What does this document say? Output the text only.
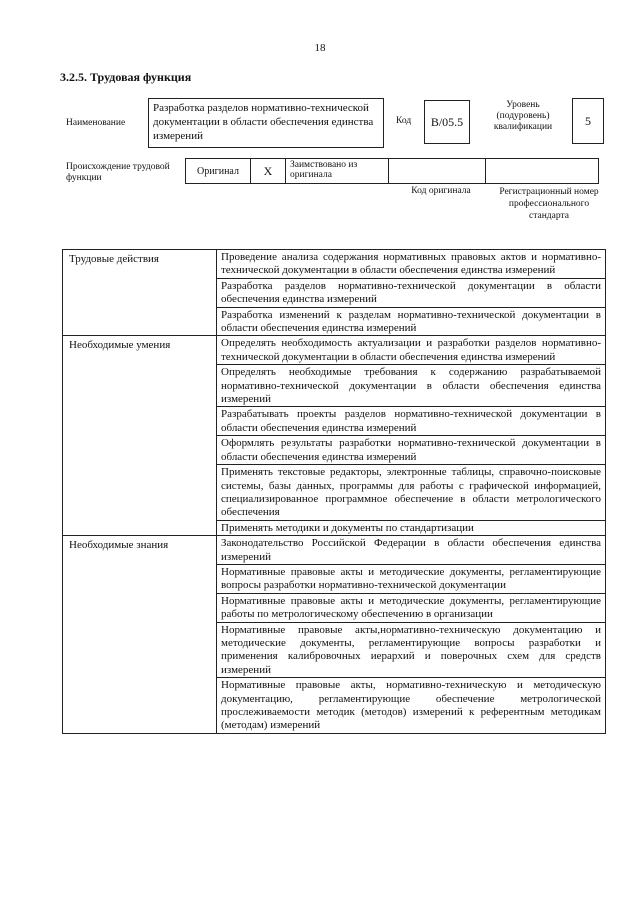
18
3.2.5. Трудовая функция
Наименование
Разработка разделов нормативно-технической документации в области обеспечения единства измерений
Код	B/05.5
Уровень (подуровень) квалификации	5
Происхождение трудовой функции
Оригинал	X	Заимствовано из оригинала
Код оригинала	Регистрационный номер профессионального стандарта
Трудовые действия	Проведение анализа содержания нормативных правовых актов и нормативно-технической документации в области обеспечения единства измерений
	Разработка разделов нормативно-технической документации в области обеспечения единства измерений
	Разработка изменений к разделам нормативно-технической документации в области обеспечения единства измерений
Необходимые умения	Определять необходимость актуализации и разработки разделов нормативно-технической документации в области обеспечения единства измерений
	Определять необходимые требования к содержанию разрабатываемой нормативно-технической документации в области обеспечения единства измерений
	Разрабатывать проекты разделов нормативно-технической документации в области обеспечения единства измерений
	Оформлять результаты разработки нормативно-технической документации в области обеспечения единства измерений
	Применять текстовые редакторы, электронные таблицы, справочно-поисковые системы, базы данных, программы для работы с графической информацией, специализированное программное обеспечение в области метрологического обеспечения
	Применять методики и документы по стандартизации
Необходимые знания	Законодательство Российской Федерации в области обеспечения единства измерений
	Нормативные правовые акты и методические документы, регламентирующие вопросы разработки нормативно-технической документации
	Нормативные правовые акты и методические документы, регламентирующие работы по метрологическому обеспечению в организации
	Нормативные правовые акты,нормативно-техническую документацию и методические документы, регламентирующие вопросы разработки и применения калибровочных иерархий и поверочных схем для средств измерений
	Нормативные правовые акты, нормативно-техническую и методическую документацию, регламентирующие обеспечение метрологической прослеживаемости методик (методов) измерений к референтным методикам (методам) измерений
